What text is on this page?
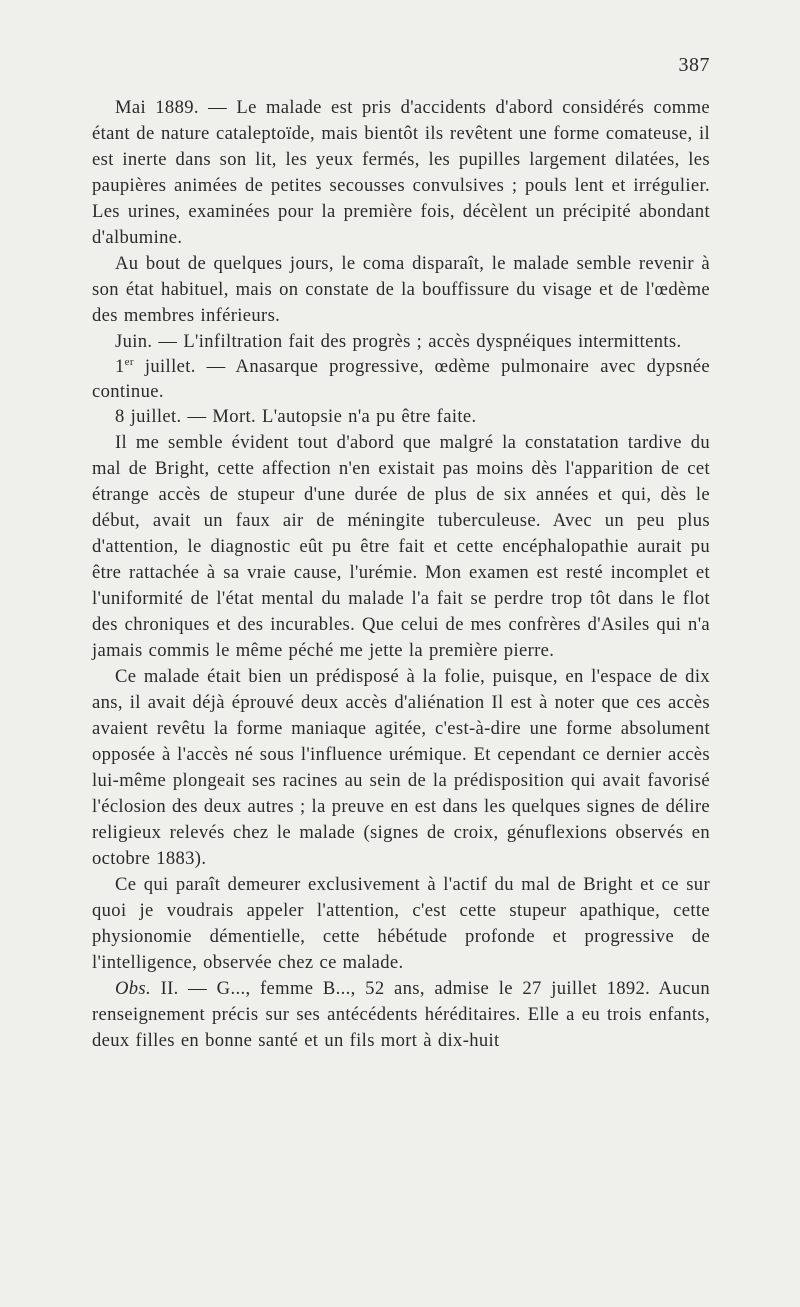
387

Mai 1889. — Le malade est pris d'accidents d'abord considérés comme étant de nature cataleptoïde, mais bientôt ils revêtent une forme comateuse, il est inerte dans son lit, les yeux fermés, les pupilles largement dilatées, les paupières animées de petites secousses convulsives ; pouls lent et irrégulier. Les urines, examinées pour la première fois, décèlent un précipité abondant d'albumine.

Au bout de quelques jours, le coma disparaît, le malade semble revenir à son état habituel, mais on constate de la bouffissure du visage et de l'œdème des membres inférieurs.

Juin. — L'infiltration fait des progrès ; accès dyspnéiques intermittents.

1er juillet. — Anasarque progressive, œdème pulmonaire avec dypsnée continue.

8 juillet. — Mort. L'autopsie n'a pu être faite.

Il me semble évident tout d'abord que malgré la constatation tardive du mal de Bright, cette affection n'en existait pas moins dès l'apparition de cet étrange accès de stupeur d'une durée de plus de six années et qui, dès le début, avait un faux air de méningite tuberculeuse. Avec un peu plus d'attention, le diagnostic eût pu être fait et cette encéphalopathie aurait pu être rattachée à sa vraie cause, l'urémie. Mon examen est resté incomplet et l'uniformité de l'état mental du malade l'a fait se perdre trop tôt dans le flot des chroniques et des incurables. Que celui de mes confrères d'Asiles qui n'a jamais commis le même péché me jette la première pierre.

Ce malade était bien un prédisposé à la folie, puisque, en l'espace de dix ans, il avait déjà éprouvé deux accès d'aliénation Il est à noter que ces accès avaient revêtu la forme maniaque agitée, c'est-à-dire une forme absolument opposée à l'accès né sous l'influence urémique. Et cependant ce dernier accès lui-même plongeait ses racines au sein de la prédisposition qui avait favorisé l'éclosion des deux autres ; la preuve en est dans les quelques signes de délire religieux relevés chez le malade (signes de croix, génuflexions observés en octobre 1883).

Ce qui paraît demeurer exclusivement à l'actif du mal de Bright et ce sur quoi je voudrais appeler l'attention, c'est cette stupeur apathique, cette physionomie démentielle, cette hébétude profonde et progressive de l'intelligence, observée chez ce malade.

Obs. II. — G..., femme B..., 52 ans, admise le 27 juillet 1892. Aucun renseignement précis sur ses antécédents héréditaires. Elle a eu trois enfants, deux filles en bonne santé et un fils mort à dix-huit
